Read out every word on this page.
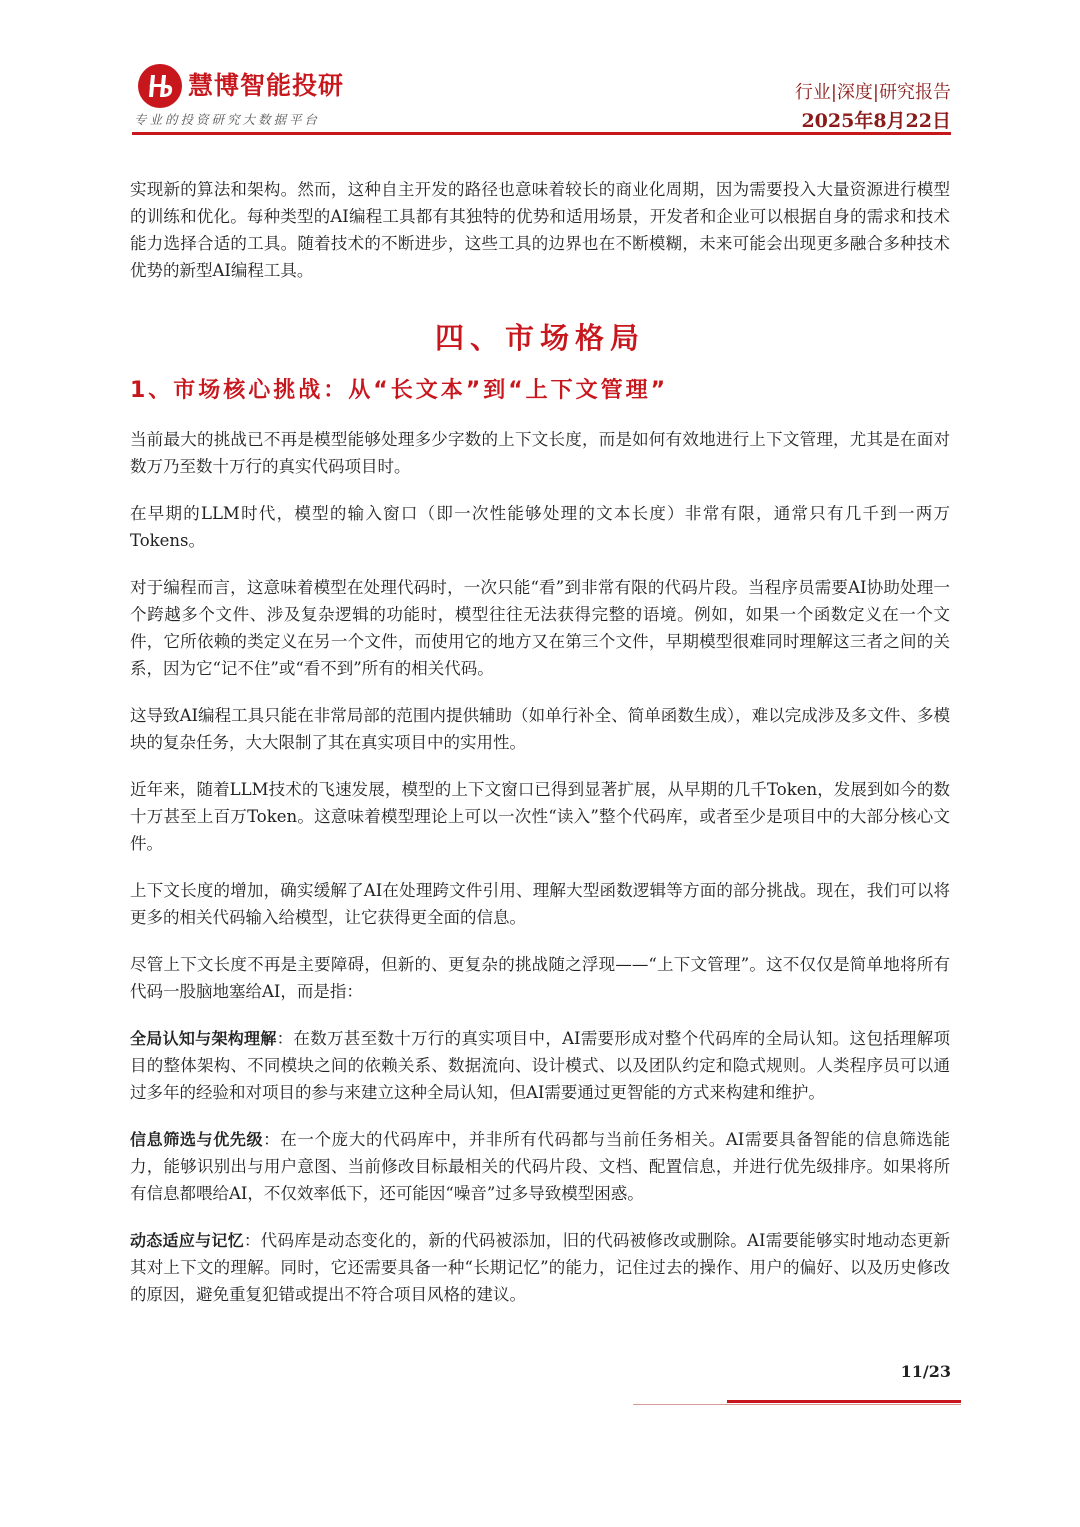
慧博智能投研
专业的投资研究大数据平台
行业|深度|研究报告
2025年8月22日

实现新的算法和架构。然而，这种自主开发的路径也意味着较长的商业化周期，因为需要投入大量资源进行模型的训练和优化。每种类型的AI编程工具都有其独特的优势和适用场景，开发者和企业可以根据自身的需求和技术能力选择合适的工具。随着技术的不断进步，这些工具的边界也在不断模糊，未来可能会出现更多融合多种技术优势的新型AI编程工具。

四、市场格局
1、市场核心挑战：从“长文本”到“上下文管理”

当前最大的挑战已不再是模型能够处理多少字数的上下文长度，而是如何有效地进行上下文管理，尤其是在面对数万乃至数十万行的真实代码项目时。

在早期的LLM时代，模型的输入窗口（即一次性能够处理的文本长度）非常有限，通常只有几千到一两万Tokens。

对于编程而言，这意味着模型在处理代码时，一次只能“看”到非常有限的代码片段。当程序员需要AI协助处理一个跨越多个文件、涉及复杂逻辑的功能时，模型往往无法获得完整的语境。例如，如果一个函数定义在一个文件，它所依赖的类定义在另一个文件，而使用它的地方又在第三个文件，早期模型很难同时理解这三者之间的关系，因为它“记不住”或“看不到”所有的相关代码。

这导致AI编程工具只能在非常局部的范围内提供辅助（如单行补全、简单函数生成），难以完成涉及多文件、多模块的复杂任务，大大限制了其在真实项目中的实用性。

近年来，随着LLM技术的飞速发展，模型的上下文窗口已得到显著扩展，从早期的几千Token，发展到如今的数十万甚至上百万Token。这意味着模型理论上可以一次性“读入”整个代码库，或者至少是项目中的大部分核心文件。

上下文长度的增加，确实缓解了AI在处理跨文件引用、理解大型函数逻辑等方面的部分挑战。现在，我们可以将更多的相关代码输入给模型，让它获得更全面的信息。

尽管上下文长度不再是主要障碍，但新的、更复杂的挑战随之浮现——“上下文管理”。这不仅仅是简单地将所有代码一股脑地塞给AI，而是指：

全局认知与架构理解：在数万甚至数十万行的真实项目中，AI需要形成对整个代码库的全局认知。这包括理解项目的整体架构、不同模块之间的依赖关系、数据流向、设计模式、以及团队约定和隐式规则。人类程序员可以通过多年的经验和对项目的参与来建立这种全局认知，但AI需要通过更智能的方式来构建和维护。

信息筛选与优先级：在一个庞大的代码库中，并非所有代码都与当前任务相关。AI需要具备智能的信息筛选能力，能够识别出与用户意图、当前修改目标最相关的代码片段、文档、配置信息，并进行优先级排序。如果将所有信息都喂给AI，不仅效率低下，还可能因“噪音”过多导致模型困惑。

动态适应与记忆：代码库是动态变化的，新的代码被添加，旧的代码被修改或删除。AI需要能够实时地动态更新其对上下文的理解。同时，它还需要具备一种“长期记忆”的能力，记住过去的操作、用户的偏好、以及历史修改的原因，避免重复犯错或提出不符合项目风格的建议。

11/23
